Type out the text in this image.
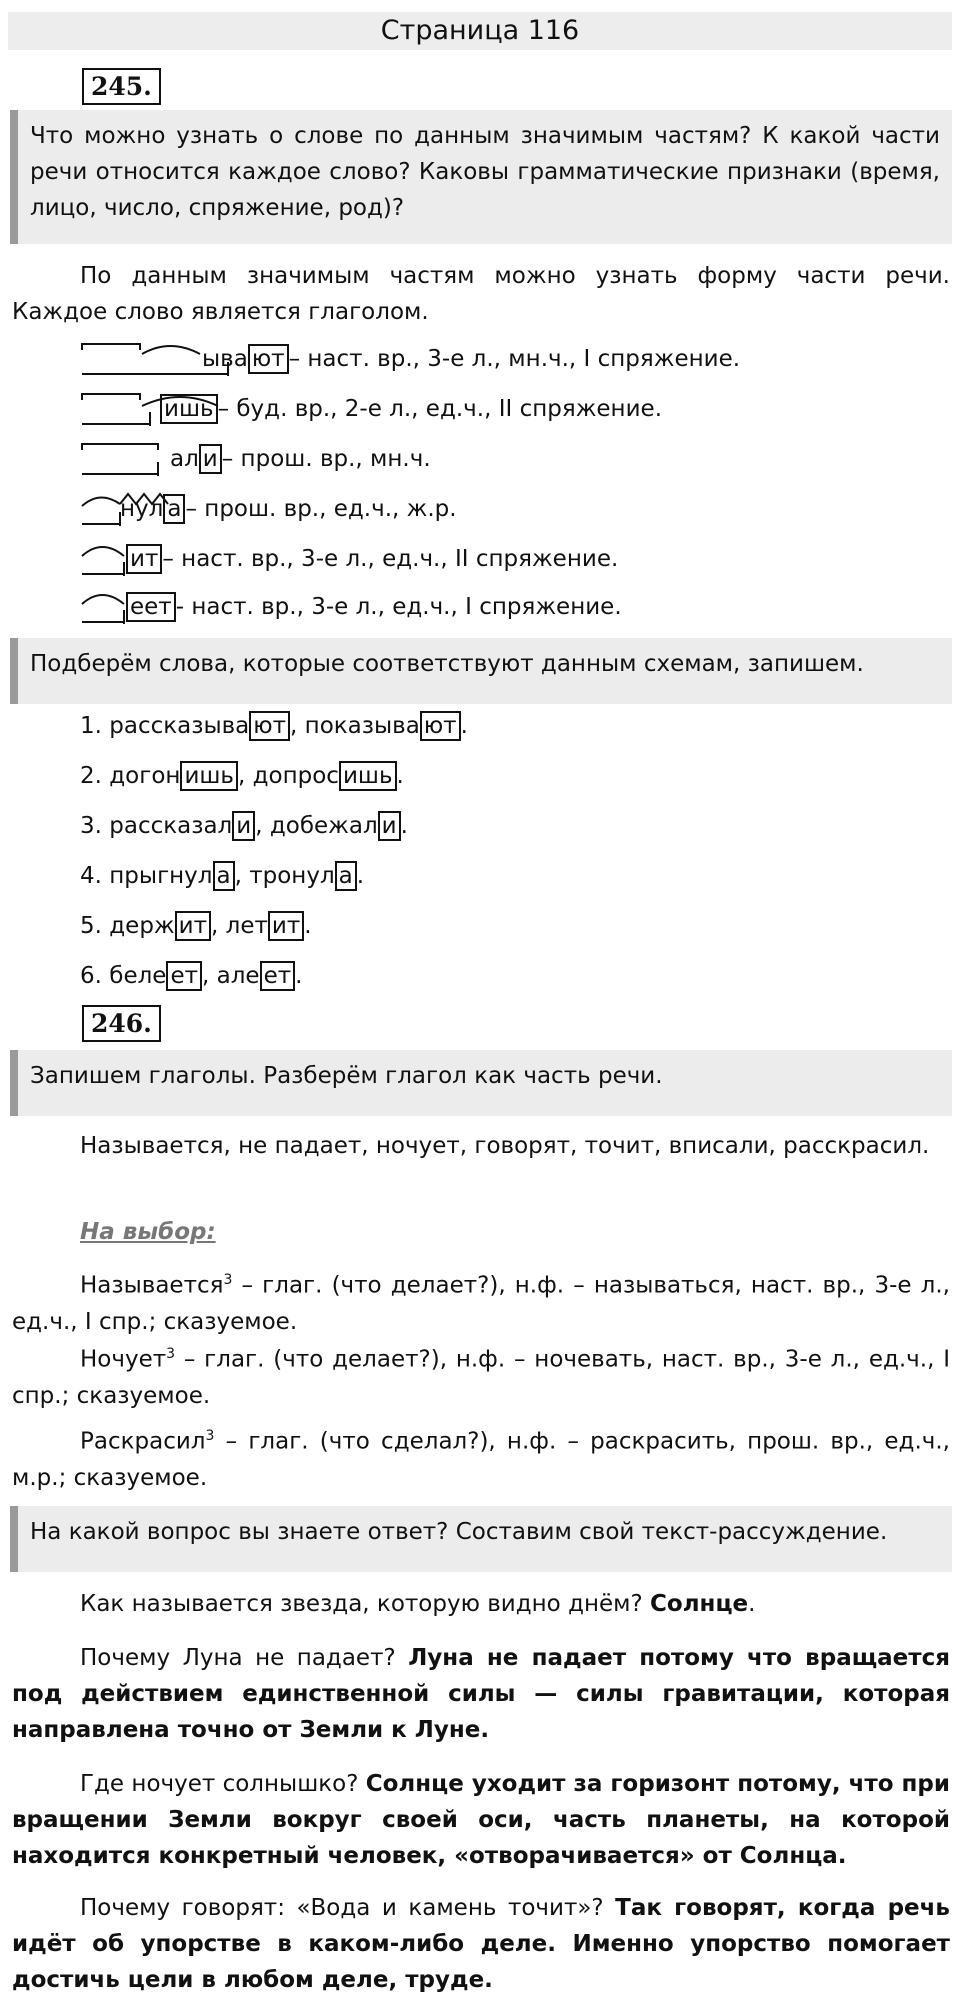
Страница 116
245.
Что можно узнать о слове по данным значимым частям? К какой части речи относится каждое слово? Каковы грамматические признаки (время, лицо, число, спряжение, род)?
По данным значимым частям можно узнать форму части речи. Каждое слово является глаголом.
ыва ют – наст. вр., 3-е л., мн.ч., I спряжение.
ишь – буд. вр., 2-е л., ед.ч., II спряжение.
ал и – прош. вр., мн.ч.
нул а – прош. вр., ед.ч., ж.р.
ит – наст. вр., 3-е л., ед.ч., II спряжение.
еет - наст. вр., 3-е л., ед.ч., I спряжение.
Подберём слова, которые соответствуют данным схемам, запишем.
1. рассказыва ют , показыва ют .
2. догон ишь , допрос ишь .
3. рассказал и , добежал и .
4. прыгнул а , тронул а .
5. держ ит , лет ит .
6. беле ет , але ет .
246.
Запишем глаголы. Разберём глагол как часть речи.
Называется, не падает, ночует, говорят, точит, вписали, расскрасил.
На выбор:
Называется$^3$ – глаг. (что делает?), н.ф. – называться, наст. вр., 3-е л., ед.ч., I спр.; сказуемое.
Ночует$^3$ – глаг. (что делает?), н.ф. – ночевать, наст. вр., 3-е л., ед.ч., I спр.; сказуемое.
Раскрасил$^3$ – глаг. (что сделал?), н.ф. – раскрасить, прош. вр., ед.ч., м.р.; сказуемое.
На какой вопрос вы знаете ответ? Составим свой текст-рассуждение.
Как называется звезда, которую видно днём? Солнце.
Почему Луна не падает? Луна не падает потому что вращается под действием единственной силы — силы гравитации, которая направлена точно от Земли к Луне.
Где ночует солнышко? Солнце уходит за горизонт потому, что при вращении Земли вокруг своей оси, часть планеты, на которой находится конкретный человек, «отворачивается» от Солнца.
Почему говорят: «Вода и камень точит»? Так говорят, когда речь идёт об упорстве в каком-либо деле. Именно упорство помогает достичь цели в любом деле, труде.
